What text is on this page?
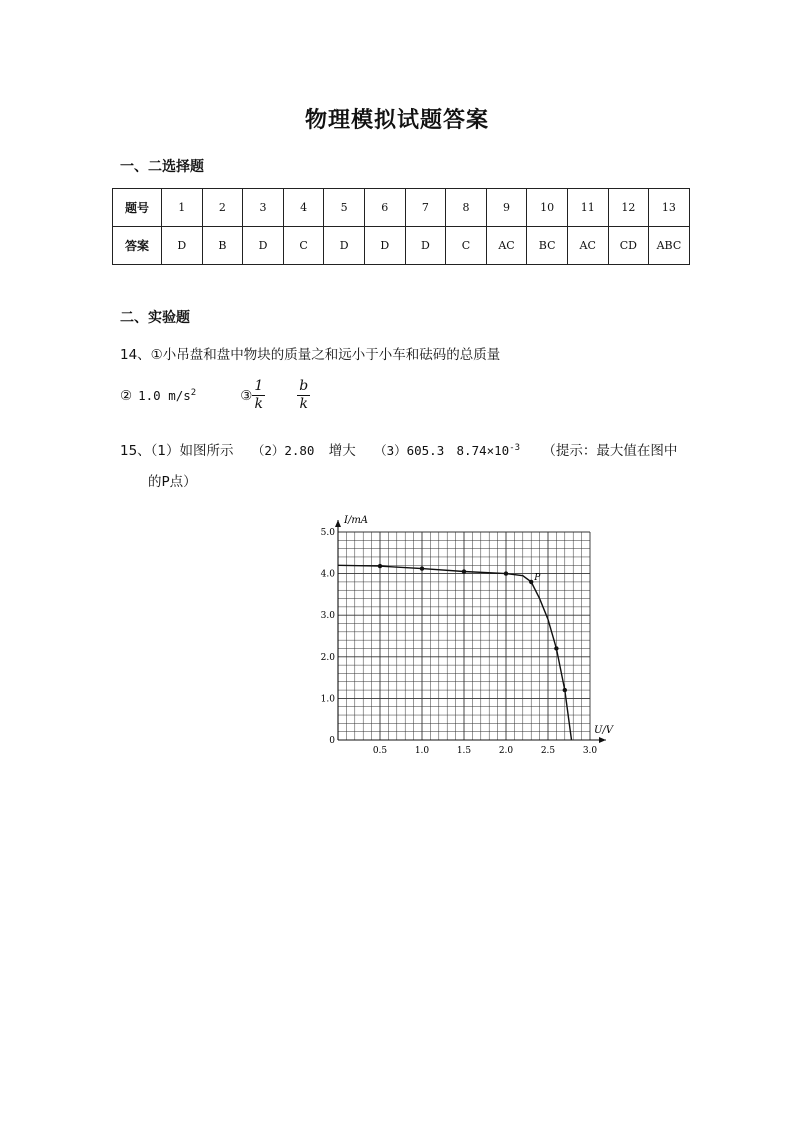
物理模拟试题答案
一、二选择题
题号	1	2	3	4	5	6	7	8	9	10	11	12	13
答案	D	B	D	C	D	D	D	C	AC	BC	AC	CD	ABC
二、实验题
14、①小吊盘和盘中物块的质量之和远小于小车和砝码的总质量
② 1.0 $m/s^2$	③ $\frac{1}{k} \frac{b}{k}$
15、（1）如图所示 （2）2.80 增大 （3）605.3 $8.74\times 10^{-3}$ （提示：最大值在图中
的P点）
0.5	1.0	1.5	2.0	2.5	3.0
1.0
2.0
3.0
4.0
5.0
0
I/mA
U/V
P
